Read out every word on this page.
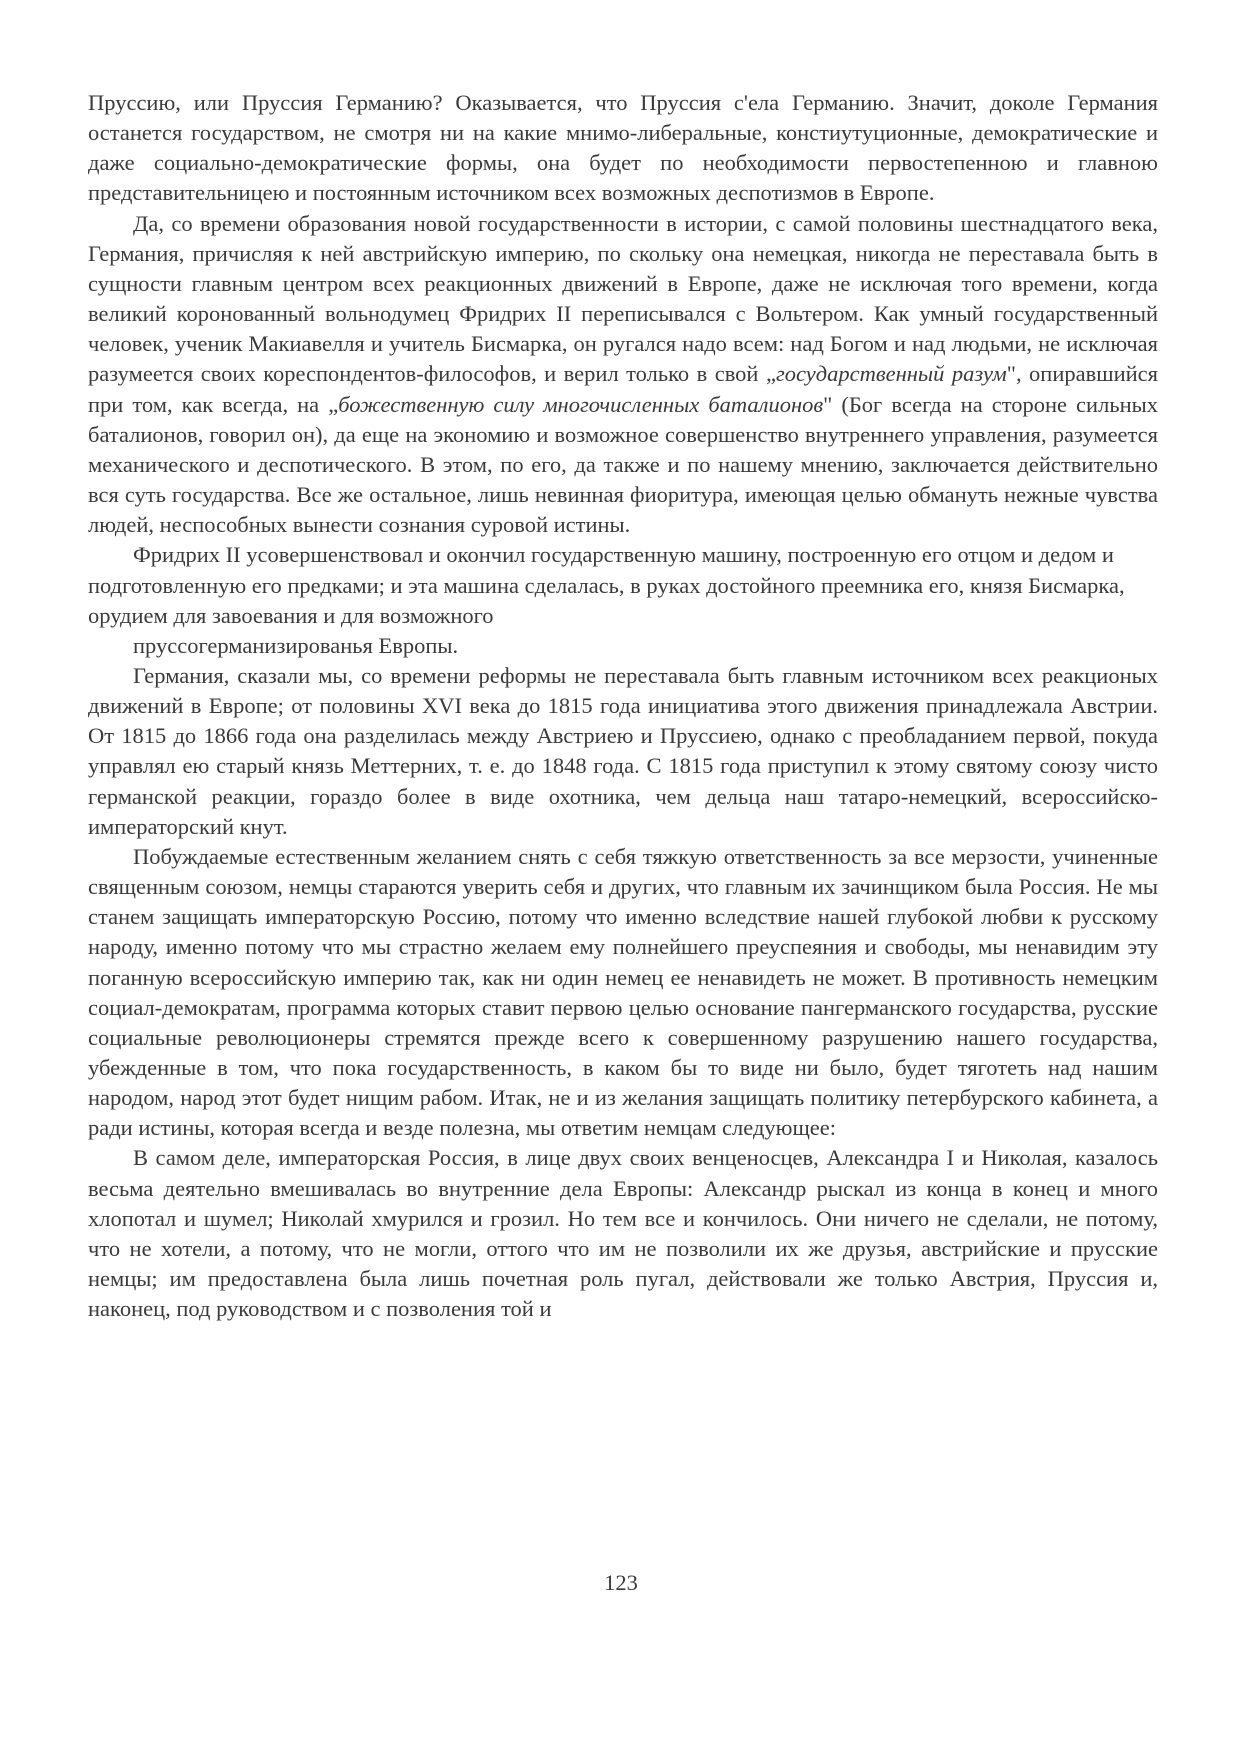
Пруссию, или Пруссия Германию? Оказывается, что Пруссия с'ела Германию. Значит, доколе Германия останется государством, не смотря ни на какие мнимо-либеральные, констиутуционные, демократические и даже социально-демократические формы, она будет по необходимости первостепенною и главною представительницею и постоянным источником всех возможных деспотизмов в Европе.

Да, со времени образования новой государственности в истории, с самой половины шестнадцатого века, Германия, причисляя к ней австрийскую империю, по скольку она немецкая, никогда не переставала быть в сущности главным центром всех реакционных движений в Европе, даже не исключая того времени, когда великий коронованный вольнодумец Фридрих II переписывался с Вольтером. Как умный государственный человек, ученик Макиавелля и учитель Бисмарка, он ругался надо всем: над Богом и над людьми, не исключая разумеется своих кореспондентов-философов, и верил только в свой „государственный разум", опиравшийся при том, как всегда, на „божественную силу многочисленных баталионов" (Бог всегда на стороне сильных баталионов, говорил он), да еще на экономию и возможное совершенство внутреннего управления, разумеется механического и деспотического. В этом, по его, да также и по нашему мнению, заключается действительно вся суть государства. Все же остальное, лишь невинная фиоритура, имеющая целью обмануть нежные чувства людей, неспособных вынести сознания суровой истины.

Фридрих II усовершенствовал и окончил государственную машину, построенную его отцом и дедом и подготовленную его предками; и эта машина сделалась, в руках достойного преемника его, князя Бисмарка, орудием для завоевания и для возможного

пруссогерманизированья Европы.

Германия, сказали мы, со времени реформы не переставала быть главным источником всех реакционых движений в Европе; от половины XVI века до 1815 года инициатива этого движения принадлежала Австрии. От 1815 до 1866 года она разделилась между Австриею и Пруссиею, однако с преобладанием первой, покуда управлял ею старый князь Меттерних, т. е. до 1848 года. С 1815 года приступил к этому святому союзу чисто германской реакции, гораздо более в виде охотника, чем дельца наш татаро-немецкий, всероссийско-императорский кнут.

Побуждаемые естественным желанием снять с себя тяжкую ответственность за все мерзости, учиненные священным союзом, немцы стараются уверить себя и других, что главным их зачинщиком была Россия. Не мы станем защищать императорскую Россию, потому что именно вследствие нашей глубокой любви к русскому народу, именно потому что мы страстно желаем ему полнейшего преуспеяния и свободы, мы ненавидим эту поганную всероссийскую империю так, как ни один немец ее ненавидеть не может. В противность немецким социал-демократам, программа которых ставит первою целью основание пангерманского государства, русские социальные революционеры стремятся прежде всего к совершенному разрушению нашего государства, убежденные в том, что пока государственность, в каком бы то виде ни было, будет тяготеть над нашим народом, народ этот будет нищим рабом. Итак, не и из желания защищать политику петербурского кабинета, а ради истины, которая всегда и везде полезна, мы ответим немцам следующее:

В самом деле, императорская Россия, в лице двух своих венценосцев, Александра I и Николая, казалось весьма деятельно вмешивалась во внутренние дела Европы: Александр рыскал из конца в конец и много хлопотал и шумел; Николай хмурился и грозил. Но тем все и кончилось. Они ничего не сделали, не потому, что не хотели, а потому, что не могли, оттого что им не позволили их же друзья, австрийские и прусские немцы; им предоставлена была лишь почетная роль пугал, действовали же только Австрия, Пруссия и, наконец, под руководством и с позволения той и

123
